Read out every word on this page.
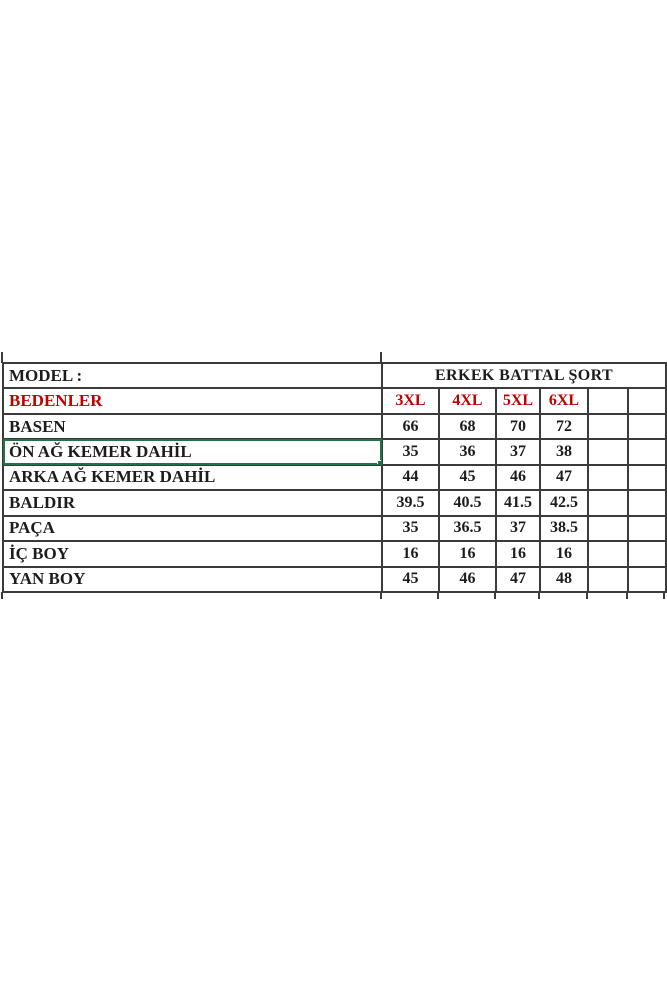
MODEL :	ERKEK BATTAL ŞORT					
BEDENLER	3XL	4XL	5XL	6XL		
BASEN	66	68	70	72		
ÖN AĞ KEMER DAHİL	35	36	37	38		
ARKA AĞ KEMER DAHİL	44	45	46	47		
BALDIR	39.5	40.5	41.5	42.5		
PAÇA	35	36.5	37	38.5		
İÇ BOY	16	16	16	16		
YAN BOY	45	46	47	48		
